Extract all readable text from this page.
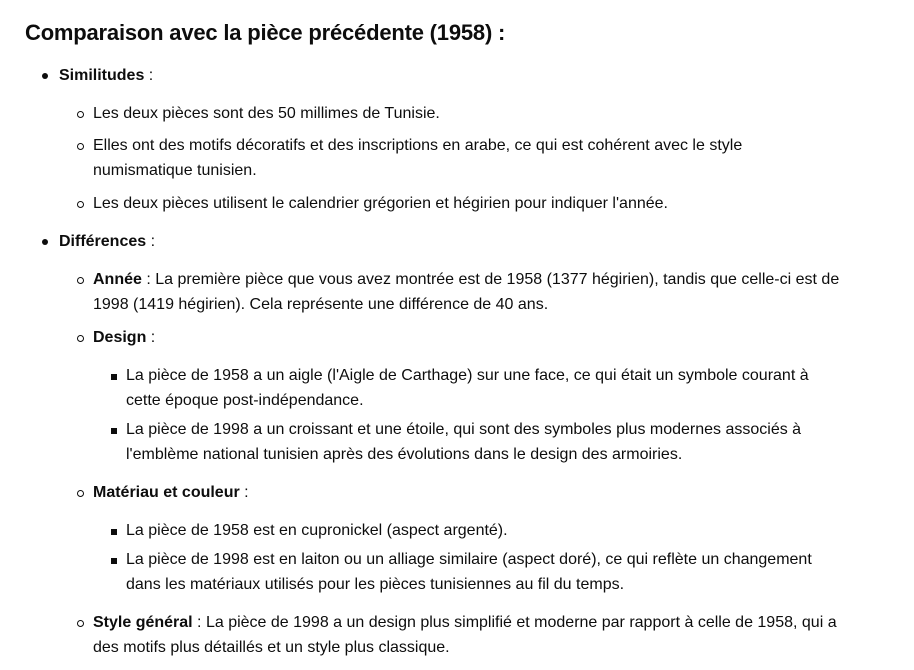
Comparaison avec la pièce précédente (1958) :
Similitudes :
Les deux pièces sont des 50 millimes de Tunisie.
Elles ont des motifs décoratifs et des inscriptions en arabe, ce qui est cohérent avec le style
numismatique tunisien.
Les deux pièces utilisent le calendrier grégorien et hégirien pour indiquer l'année.
Différences :
Année : La première pièce que vous avez montrée est de 1958 (1377 hégirien), tandis que celle-ci est de
1998 (1419 hégirien). Cela représente une différence de 40 ans.
Design :
La pièce de 1958 a un aigle (l'Aigle de Carthage) sur une face, ce qui était un symbole courant à
cette époque post-indépendance.
La pièce de 1998 a un croissant et une étoile, qui sont des symboles plus modernes associés à
l'emblème national tunisien après des évolutions dans le design des armoiries.
Matériau et couleur :
La pièce de 1958 est en cupronickel (aspect argenté).
La pièce de 1998 est en laiton ou un alliage similaire (aspect doré), ce qui reflète un changement
dans les matériaux utilisés pour les pièces tunisiennes au fil du temps.
Style général : La pièce de 1998 a un design plus simplifié et moderne par rapport à celle de 1958, qui a
des motifs plus détaillés et un style plus classique.
